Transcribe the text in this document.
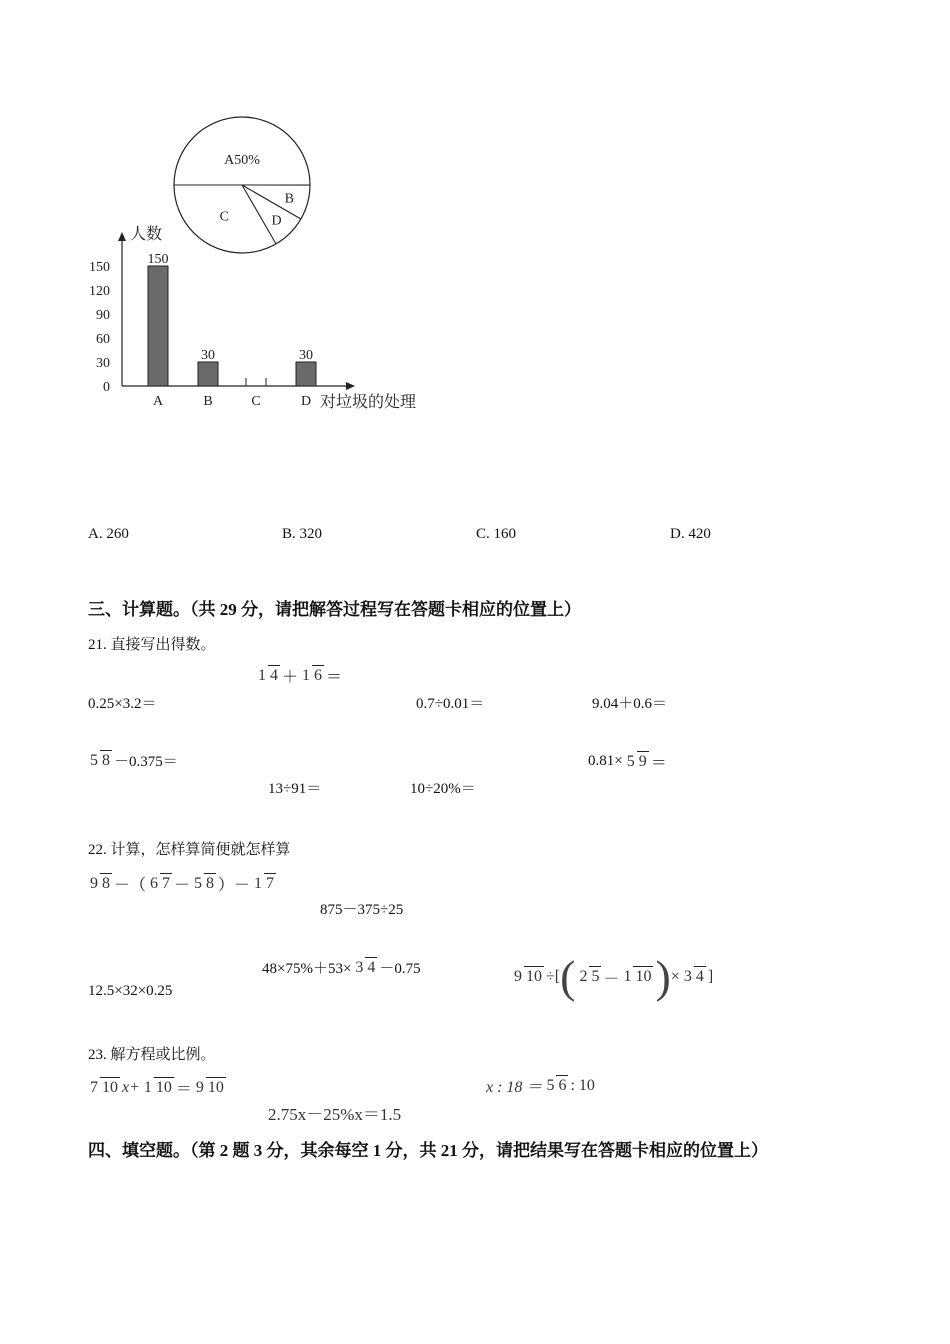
A50%
B
D
C
人数
0
30
60
90
120
150
150
A
30
B	C
30
D 对垃圾的处理
A. 260	B. 320	C. 160	D. 420
三、计算题。（共 29 分，请把解答过程写在答题卡相应的位置上）
21. 直接写出得数。
0.25×3.2＝
1 4 ＋ 1 6 ＝
0.7÷0.01＝	9.04＋0.6＝
5 8 －0.375＝
13÷91＝	10÷20%＝
0.81× 5 9 ＝
22. 计算，怎样算简便就怎样算
9 8 －（ 6 7 － 5 8 ）－ 1 7
875－375÷25
12.5×32×0.25
48×75%＋53× 3 4 －0.75	9 10 ÷[ ( 2 5 － 1 10 ) × 3 4 ]
23. 解方程或比例。
7 10 x+ 1 10 ＝ 9 10
2.75x－25%x＝1.5
x : 18 ＝ 5 6 : 10
四、填空题。（第 2 题 3 分，其余每空 1 分，共 21 分，请把结果写在答题卡相应的位置上）
